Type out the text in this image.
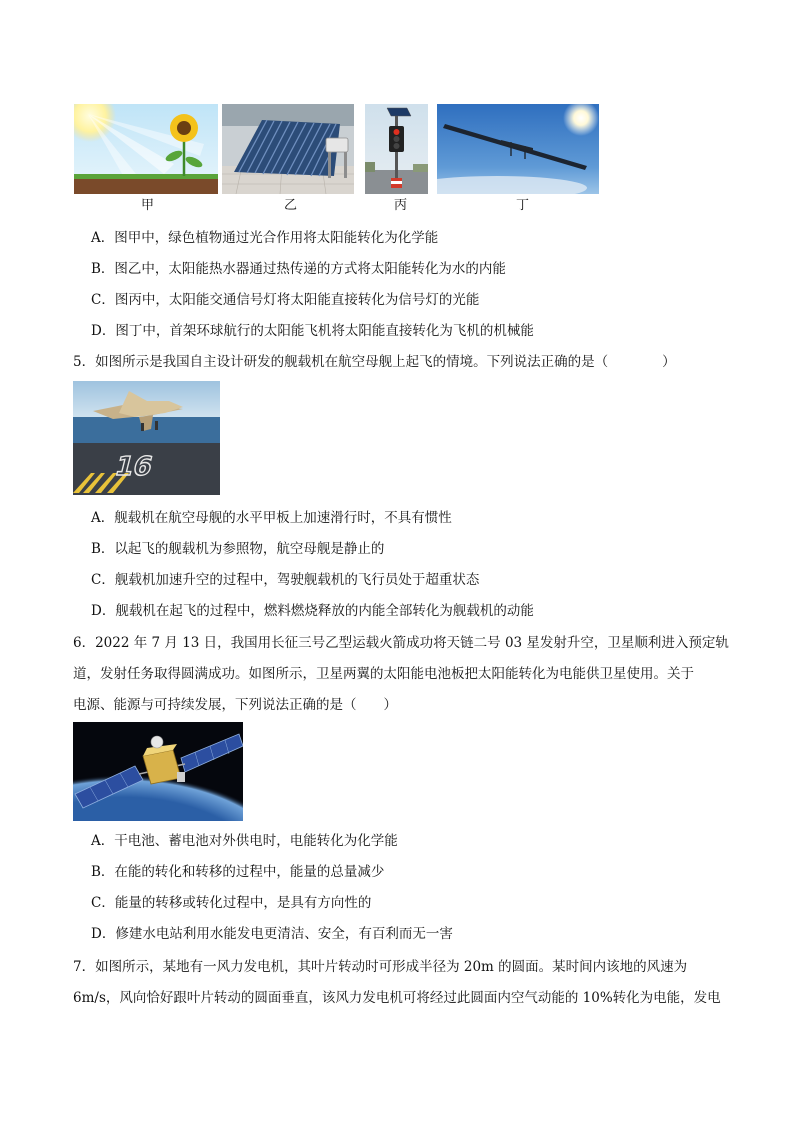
甲	乙	丙	丁
A．图甲中，绿色植物通过光合作用将太阳能转化为化学能
B．图乙中，太阳能热水器通过热传递的方式将太阳能转化为水的内能
C．图丙中，太阳能交通信号灯将太阳能直接转化为信号灯的光能
D．图丁中，首架环球航行的太阳能飞机将太阳能直接转化为飞机的机械能
5．如图所示是我国自主设计研发的舰载机在航空母舰上起飞的情境。下列说法正确的是（　　　　）
16
A．舰载机在航空母舰的水平甲板上加速滑行时，不具有惯性
B．以起飞的舰载机为参照物，航空母舰是静止的
C．舰载机加速升空的过程中，驾驶舰载机的飞行员处于超重状态
D．舰载机在起飞的过程中，燃料燃烧释放的内能全部转化为舰载机的动能
6．2022 年 7 月 13 日，我国用长征三号乙型运载火箭成功将天链二号 03 星发射升空，卫星顺利进入预定轨
道，发射任务取得圆满成功。如图所示，卫星两翼的太阳能电池板把太阳能转化为电能供卫星使用。关于
电源、能源与可持续发展，下列说法正确的是（　　）
A．干电池、蓄电池对外供电时，电能转化为化学能
B．在能的转化和转移的过程中，能量的总量减少
C．能量的转移或转化过程中，是具有方向性的
D．修建水电站利用水能发电更清洁、安全，有百利而无一害
7．如图所示，某地有一风力发电机，其叶片转动时可形成半径为 20m 的圆面。某时间内该地的风速为
6m/s，风向恰好跟叶片转动的圆面垂直，该风力发电机可将经过此圆面内空气动能的 10%转化为电能，发电
